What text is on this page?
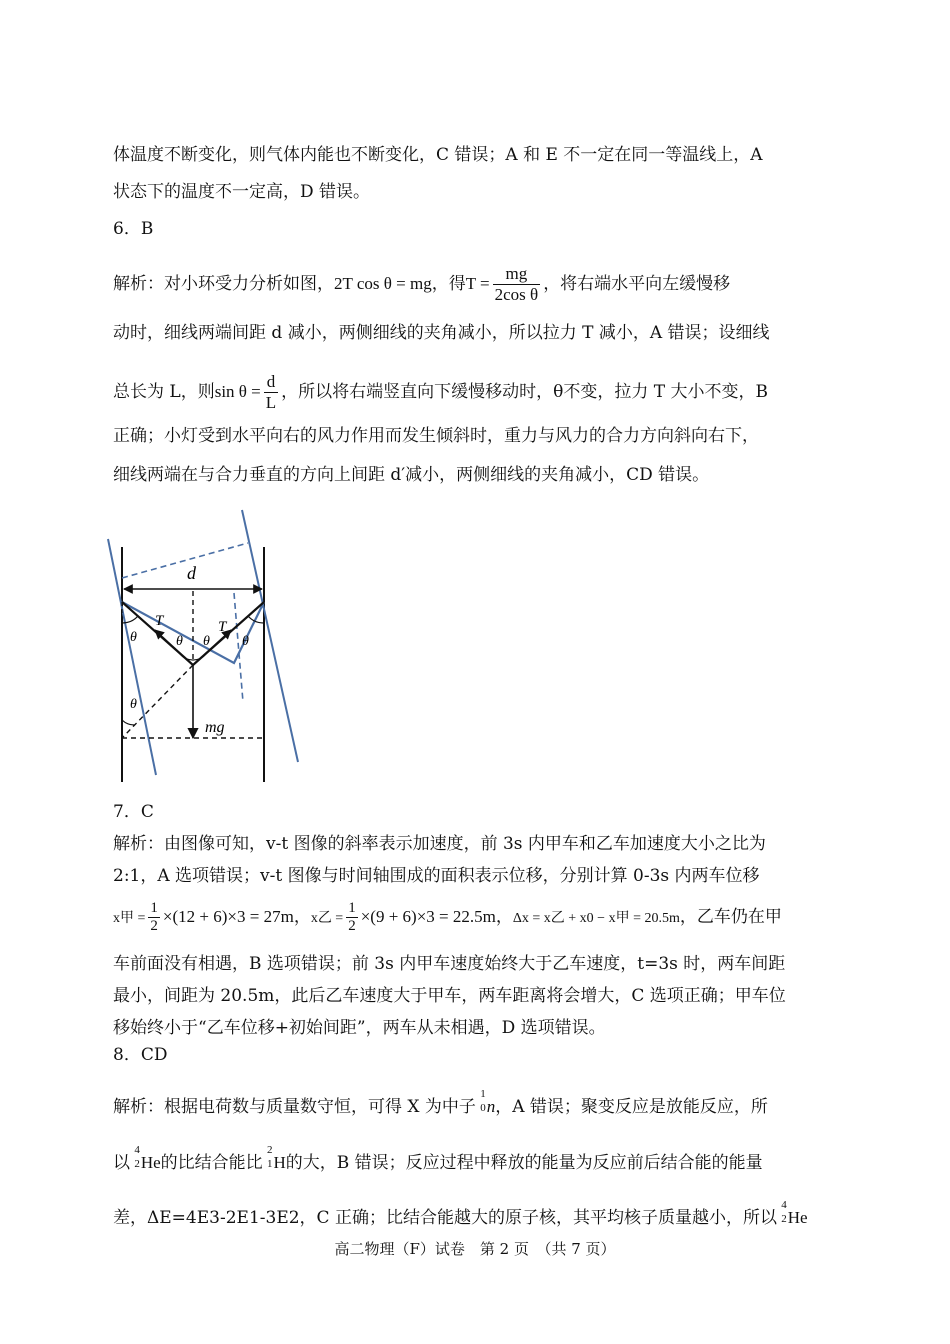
体温度不断变化，则气体内能也不断变化，C 错误；A 和 E 不一定在同一等温线上，A
状态下的温度不一定高，D 错误。
6．B
解析：对小环受力分析如图，2T cos θ = mg，得$T = \frac{mg}{\text{2cos θ}}$ ，将右端水平向左缓慢移
动时，细线两端间距 d 减小，两侧细线的夹角减小，所以拉力 T 减小，A 错误；设细线
总长为 L，则$\sin \theta = \frac{d}{L}$ ，所以将右端竖直向下缓慢移动时，θ不变，拉力 T 大小不变，B
正确；小灯受到水平向右的风力作用而发生倾斜时，重力与风力的合力方向斜向右下，
细线两端在与合力垂直的方向上间距 d′减小，两侧细线的夹角减小，CD 错误。
d
T	T
θ	θ θ θ
θ
mg
7．C
解析：由图像可知，v-t 图像的斜率表示加速度，前 3s 内甲车和乙车加速度大小之比为
2:1，A 选项错误；v-t 图像与时间轴围成的面积表示位移，分别计算 0-3s 内两车位移
x甲 = $\frac{1}{2} \times(12 + 6)\times 3 = 27m$，x乙 = $\frac{1}{2} \times(9 + 6)\times 3 = 22.5m$，Δx = x乙 + x0 − x甲 = 20.5m，乙车仍在甲
车前面没有相遇，B 选项错误；前 3s 内甲车速度始终大于乙车速度，t=3s 时，两车间距
最小，间距为 20.5m，此后乙车速度大于甲车，两车距离将会增大，C 选项正确；甲车位
移始终小于“乙车位移+初始间距”，两车从未相遇，D 选项错误。
8．CD
解析：根据电荷数与质量数守恒，可得 X 为中子
1
0 n，A 错误；聚变反应是放能反应，所
以
4
2 He的比结合能比
2
1 H的大，B 错误；反应过程中释放的能量为反应前后结合能的能量
差，ΔE=4E3-2E1-3E2，C 正确；比结合能越大的原子核，其平均核子质量越小，所以
4
2 He
高二物理（F）试卷　第 2 页　（共 7 页）
